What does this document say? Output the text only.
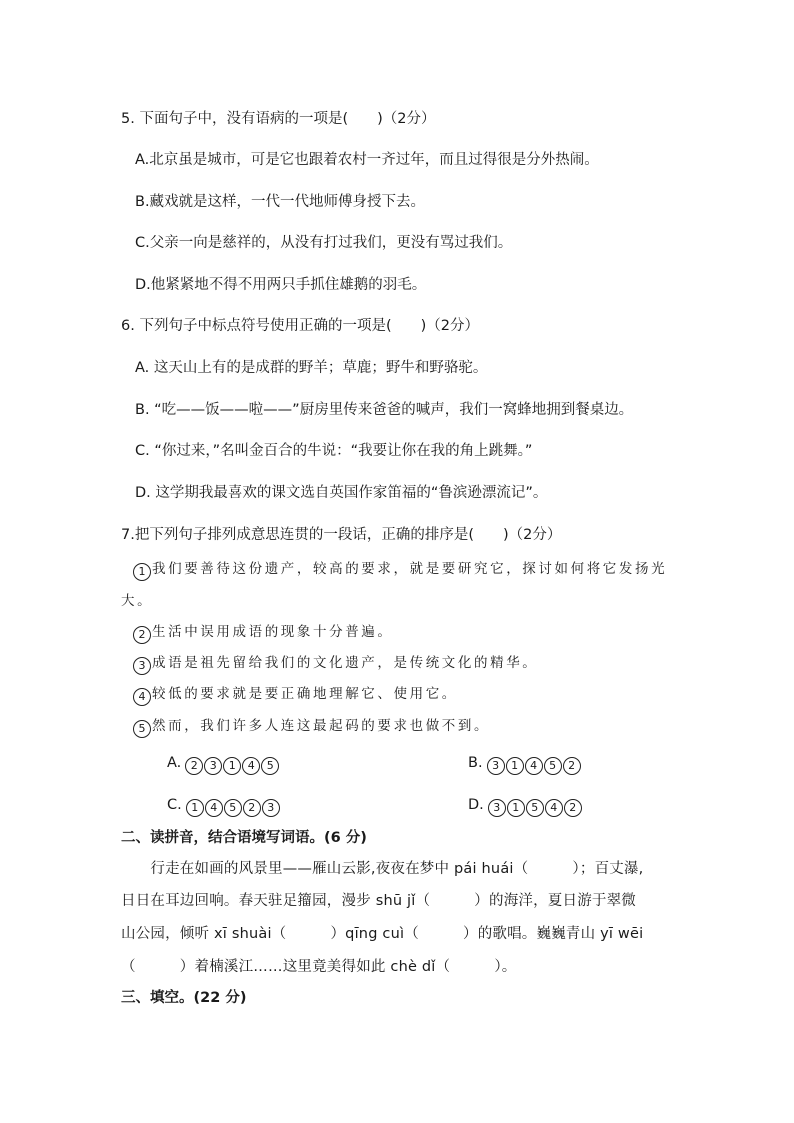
5. 下面句子中，没有语病的一项是(　　)（2分）
A.北京虽是城市，可是它也跟着农村一齐过年，而且过得很是分外热闹。
B.藏戏就是这样，一代一代地师傅身授下去。
C.父亲一向是慈祥的，从没有打过我们，更没有骂过我们。
D.他紧紧地不得不用两只手抓住雄鹅的羽毛。
6. 下列句子中标点符号使用正确的一项是(　　)（2分）
A. 这天山上有的是成群的野羊；草鹿；野牛和野骆驼。
B. “吃——饭——啦——”厨房里传来爸爸的喊声，我们一窝蜂地拥到餐桌边。
C. “你过来，”名叫金百合的牛说：“我要让你在我的角上跳舞。”
D. 这学期我最喜欢的课文选自英国作家笛福的“鲁滨逊漂流记”。
7.把下列句子排列成意思连贯的一段话，正确的排序是(　　)（2分）
1 我们要善待这份遗产，较高的要求，就是要研究它，探讨如何将它发扬光
大。
2 生活中误用成语的现象十分普遍。
3 成语是祖先留给我们的文化遗产，是传统文化的精华。
4 较低的要求就是要正确地理解它、使用它。
5 然而，我们许多人连这最起码的要求也做不到。
A. 2 3 1 4 5	B. 3 1 4 5 2
C. 1 4 5 2 3	D. 3 1 5 4 2
二、读拼音，结合语境写词语。(6 分)
　　行走在如画的风景里——雁山云影,夜夜在梦中 pái huái（　　　）；百丈瀑,
日日在耳边回响。春天驻足籀园，漫步 shū jǐ（　　　）的海洋，夏日游于翠微
山公园，倾听 xī shuài（　　　）qīng cuì（　　　）的歌唱。巍巍青山 yī wēi
（　　　）着楠溪江……这里竟美得如此 chè dǐ（　　　）。
三、填空。(22 分)
